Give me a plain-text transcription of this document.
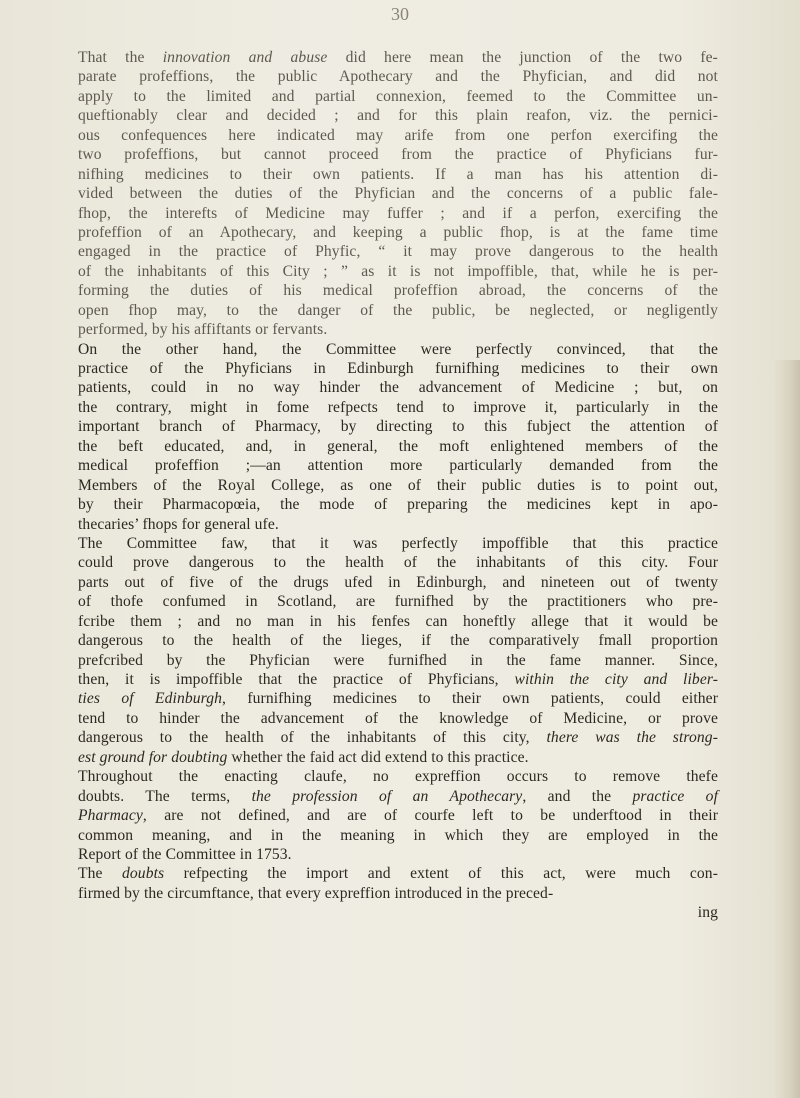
30
That the innovation and abuse did here mean the junction of the two fe-
parate profeffions, the public Apothecary and the Phyfician, and did not
apply to the limited and partial connexion, feemed to the Committee un-
queftionably clear and decided ; and for this plain reafon, viz. the pernici-
ous confequences here indicated may arife from one perfon exercifing the
two profeffions, but cannot proceed from the practice of Phyficians fur-
nifhing medicines to their own patients. If a man has his attention di-
vided between the duties of the Phyfician and the concerns of a public fale-
fhop, the interefts of Medicine may fuffer ; and if a perfon, exercifing the
profeffion of an Apothecary, and keeping a public fhop, is at the fame time
engaged in the practice of Phyfic, “ it may prove dangerous to the health
of the inhabitants of this City ; ” as it is not impoffible, that, while he is per-
forming the duties of his medical profeffion abroad, the concerns of the
open fhop may, to the danger of the public, be neglected, or negligently
performed, by his affiftants or fervants.
On the other hand, the Committee were perfectly convinced, that the
practice of the Phyficians in Edinburgh furnifhing medicines to their own
patients, could in no way hinder the advancement of Medicine ; but, on
the contrary, might in fome refpects tend to improve it, particularly in the
important branch of Pharmacy, by directing to this fubject the attention of
the beft educated, and, in general, the moft enlightened members of the
medical profeffion ;—an attention more particularly demanded from the
Members of the Royal College, as one of their public duties is to point out,
by their Pharmacopœia, the mode of preparing the medicines kept in apo-
thecaries’ fhops for general ufe.
The Committee faw, that it was perfectly impoffible that this practice
could prove dangerous to the health of the inhabitants of this city. Four
parts out of five of the drugs ufed in Edinburgh, and nineteen out of twenty
of thofe confumed in Scotland, are furnifhed by the practitioners who pre-
fcribe them ; and no man in his fenfes can honeftly allege that it would be
dangerous to the health of the lieges, if the comparatively fmall proportion
prefcribed by the Phyfician were furnifhed in the fame manner. Since,
then, it is impoffible that the practice of Phyficians, within the city and liber-
ties of Edinburgh, furnifhing medicines to their own patients, could either
tend to hinder the advancement of the knowledge of Medicine, or prove
dangerous to the health of the inhabitants of this city, there was the strong-
est ground for doubting whether the faid act did extend to this practice.
Throughout the enacting claufe, no expreffion occurs to remove thefe
doubts. The terms, the profession of an Apothecary, and the practice of
Pharmacy, are not defined, and are of courfe left to be underftood in their
common meaning, and in the meaning in which they are employed in the
Report of the Committee in 1753.
The doubts refpecting the import and extent of this act, were much con-
firmed by the circumftance, that every expreffion introduced in the preced-
ing
